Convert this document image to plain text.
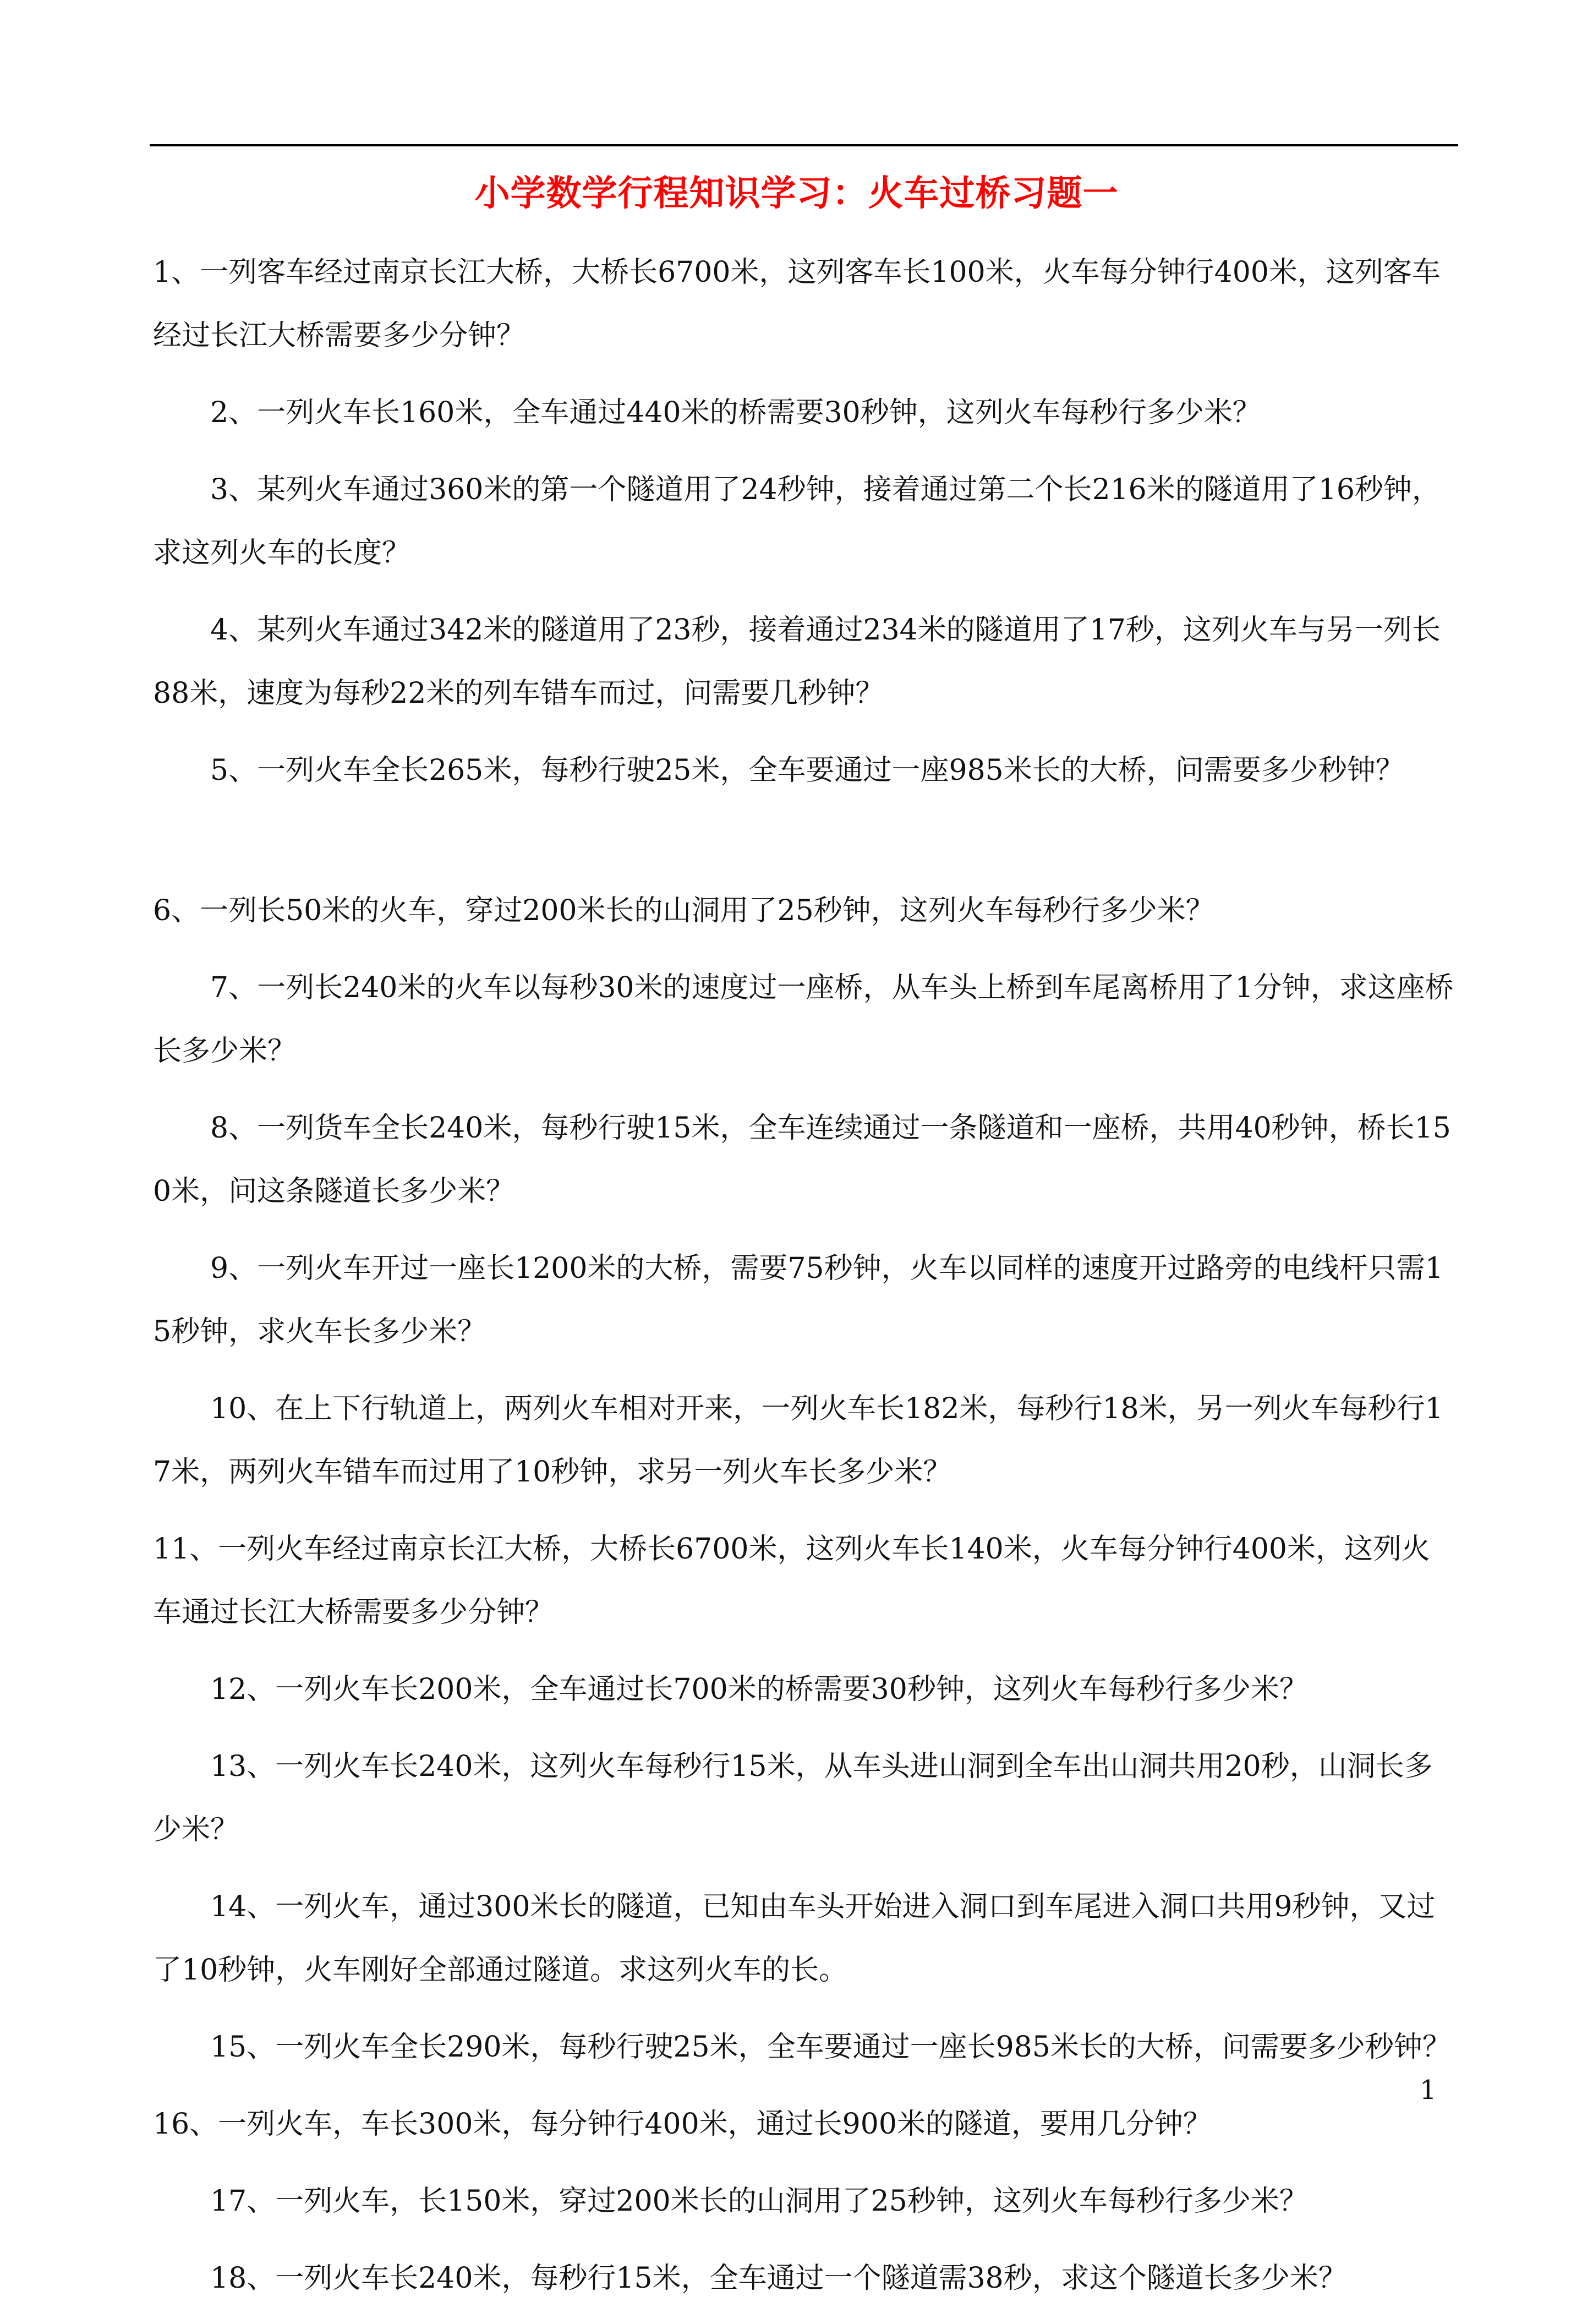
小学数学行程知识学习：火车过桥习题一
1、一列客车经过南京长江大桥，大桥长6700米，这列客车长100米，火车每分钟行400米，这列客车经过长江大桥需要多少分钟？
2、一列火车长160米，全车通过440米的桥需要30秒钟，这列火车每秒行多少米？
3、某列火车通过360米的第一个隧道用了24秒钟，接着通过第二个长216米的隧道用了16秒钟，求这列火车的长度？
4、某列火车通过342米的隧道用了23秒，接着通过234米的隧道用了17秒，这列火车与另一列长88米，速度为每秒22米的列车错车而过，问需要几秒钟？
5、一列火车全长265米，每秒行驶25米，全车要通过一座985米长的大桥，问需要多少秒钟？
6、一列长50米的火车，穿过200米长的山洞用了25秒钟，这列火车每秒行多少米？
7、一列长240米的火车以每秒30米的速度过一座桥，从车头上桥到车尾离桥用了1分钟，求这座桥长多少米？
8、一列货车全长240米，每秒行驶15米，全车连续通过一条隧道和一座桥，共用40秒钟，桥长150米，问这条隧道长多少米？
9、一列火车开过一座长1200米的大桥，需要75秒钟，火车以同样的速度开过路旁的电线杆只需15秒钟，求火车长多少米？
10、在上下行轨道上，两列火车相对开来，一列火车长182米，每秒行18米，另一列火车每秒行17米，两列火车错车而过用了10秒钟，求另一列火车长多少米？
11、一列火车经过南京长江大桥，大桥长6700米，这列火车长140米，火车每分钟行400米，这列火车通过长江大桥需要多少分钟？
12、一列火车长200米，全车通过长700米的桥需要30秒钟，这列火车每秒行多少米？
13、一列火车长240米，这列火车每秒行15米，从车头进山洞到全车出山洞共用20秒，山洞长多少米？
14、一列火车，通过300米长的隧道，已知由车头开始进入洞口到车尾进入洞口共用9秒钟，又过了10秒钟，火车刚好全部通过隧道。求这列火车的长。
15、一列火车全长290米，每秒行驶25米，全车要通过一座长985米长的大桥，问需要多少秒钟？
16、一列火车，车长300米，每分钟行400米，通过长900米的隧道，要用几分钟？
17、一列火车，长150米，穿过200米长的山洞用了25秒钟，这列火车每秒行多少米？
18、一列火车长240米，每秒行15米，全车通过一个隧道需38秒，求这个隧道长多少米？
1
